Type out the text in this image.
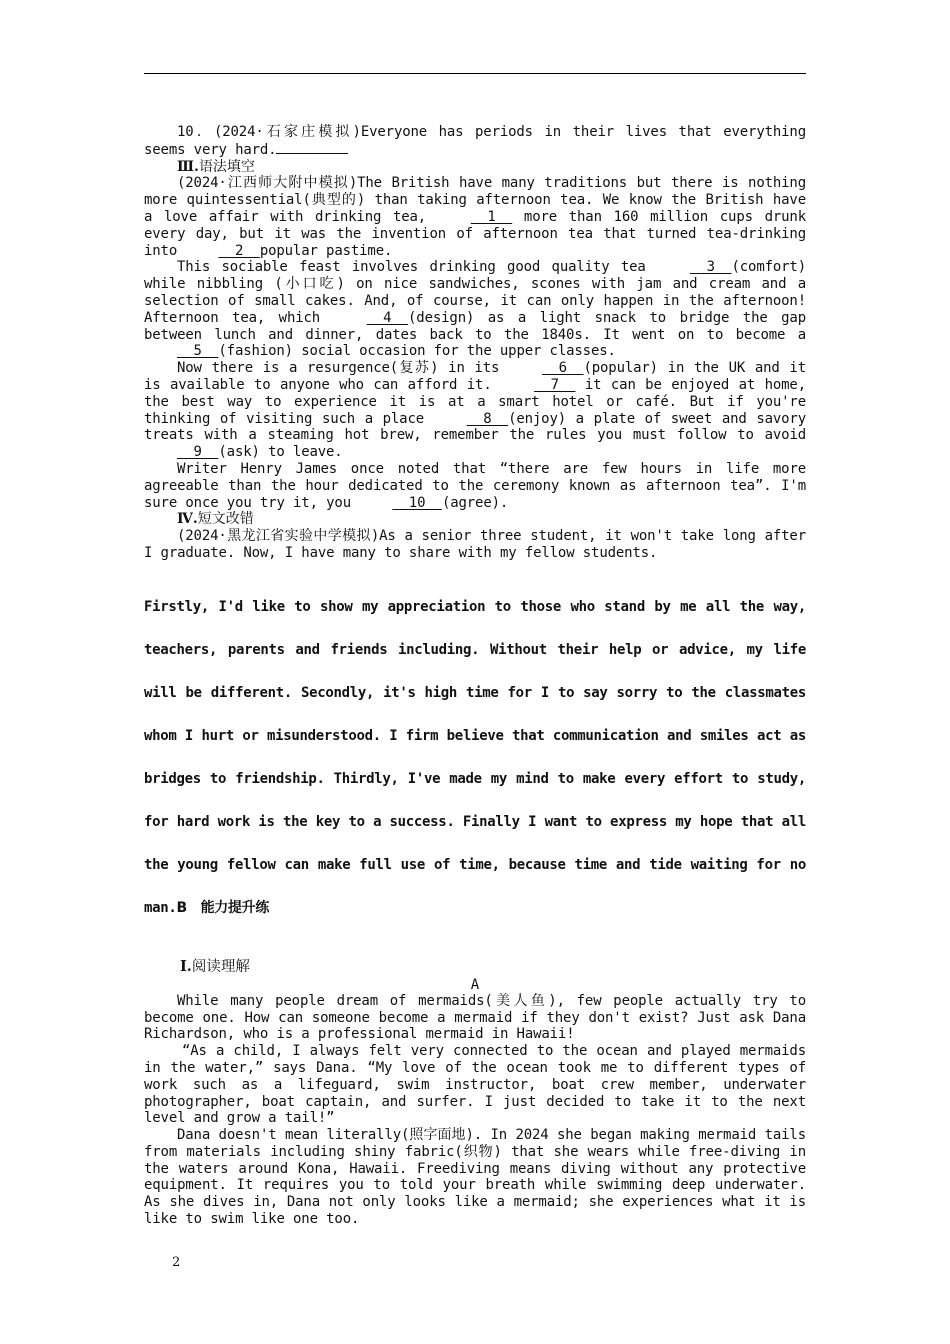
10．(2024·石家庄模拟)Everyone has periods in their lives that everything seems very hard.

Ⅲ.语法填空

(2024·江西师大附中模拟)The British have many traditions but there is nothing more quintessential(典型的) than taking afternoon tea. We know the British have a love affair with drinking tea,   1   more than 160 million cups drunk every day, but it was the invention of afternoon tea that turned tea-drinking into   2  popular pastime.

This sociable feast involves drinking good quality tea   3  (comfort) while nibbling (小口吃) on nice sandwiches, scones with jam and cream and a selection of small cakes. And, of course, it can only happen in the afternoon! Afternoon tea, which   4  (design) as a light snack to bridge the gap between lunch and dinner, dates back to the 1840s. It went on to become a   5  (fashion) social occasion for the upper classes.

Now there is a resurgence(复苏) in its   6  (popular) in the UK and it is available to anyone who can afford it.   7   it can be enjoyed at home, the best way to experience it is at a smart hotel or café. But if you're thinking of visiting such a place   8  (enjoy) a plate of sweet and savory treats with a steaming hot brew, remember the rules you must follow to avoid   9  (ask) to leave.

Writer Henry James once noted that “there are few hours in life more agreeable than the hour dedicated to the ceremony known as afternoon tea”. I'm sure once you try it, you   10  (agree).

Ⅳ.短文改错

(2024·黑龙江省实验中学模拟)As a senior three student, it won't take long after I graduate. Now, I have many to share with my fellow students.

Firstly, I'd like to show my appreciation to those who stand by me all the way, teachers, parents and friends including. Without their help or advice, my life will be different. Secondly, it's high time for I to say sorry to the classmates whom I hurt or misunderstood. I firm believe that communication and smiles act as bridges to friendship. Thirdly, I've made my mind to make every effort to study, for hard work is the key to a success. Finally I want to express my hope that all the young fellow can make full use of time, because time and tide waiting for no man.B　能力提升练

Ⅰ.阅读理解
A

While many people dream of mermaids(美人鱼), few people actually try to become one. How can someone become a mermaid if they don't exist? Just ask Dana Richardson, who is a professional mermaid in Hawaii!

“As a child, I always felt very connected to the ocean and played mermaids in the water,” says Dana. “My love of the ocean took me to different types of work such as a lifeguard, swim instructor, boat crew member, underwater photographer, boat captain, and surfer. I just decided to take it to the next level and grow a tail!”

Dana doesn't mean literally(照字面地). In 2024 she began making mermaid tails from materials including shiny fabric(织物) that she wears while free-diving in the waters around Kona, Hawaii. Freediving means diving without any protective equipment. It requires you to told your breath while swimming deep underwater. As she dives in, Dana not only looks like a mermaid; she experiences what it is like to swim like one too.

2
